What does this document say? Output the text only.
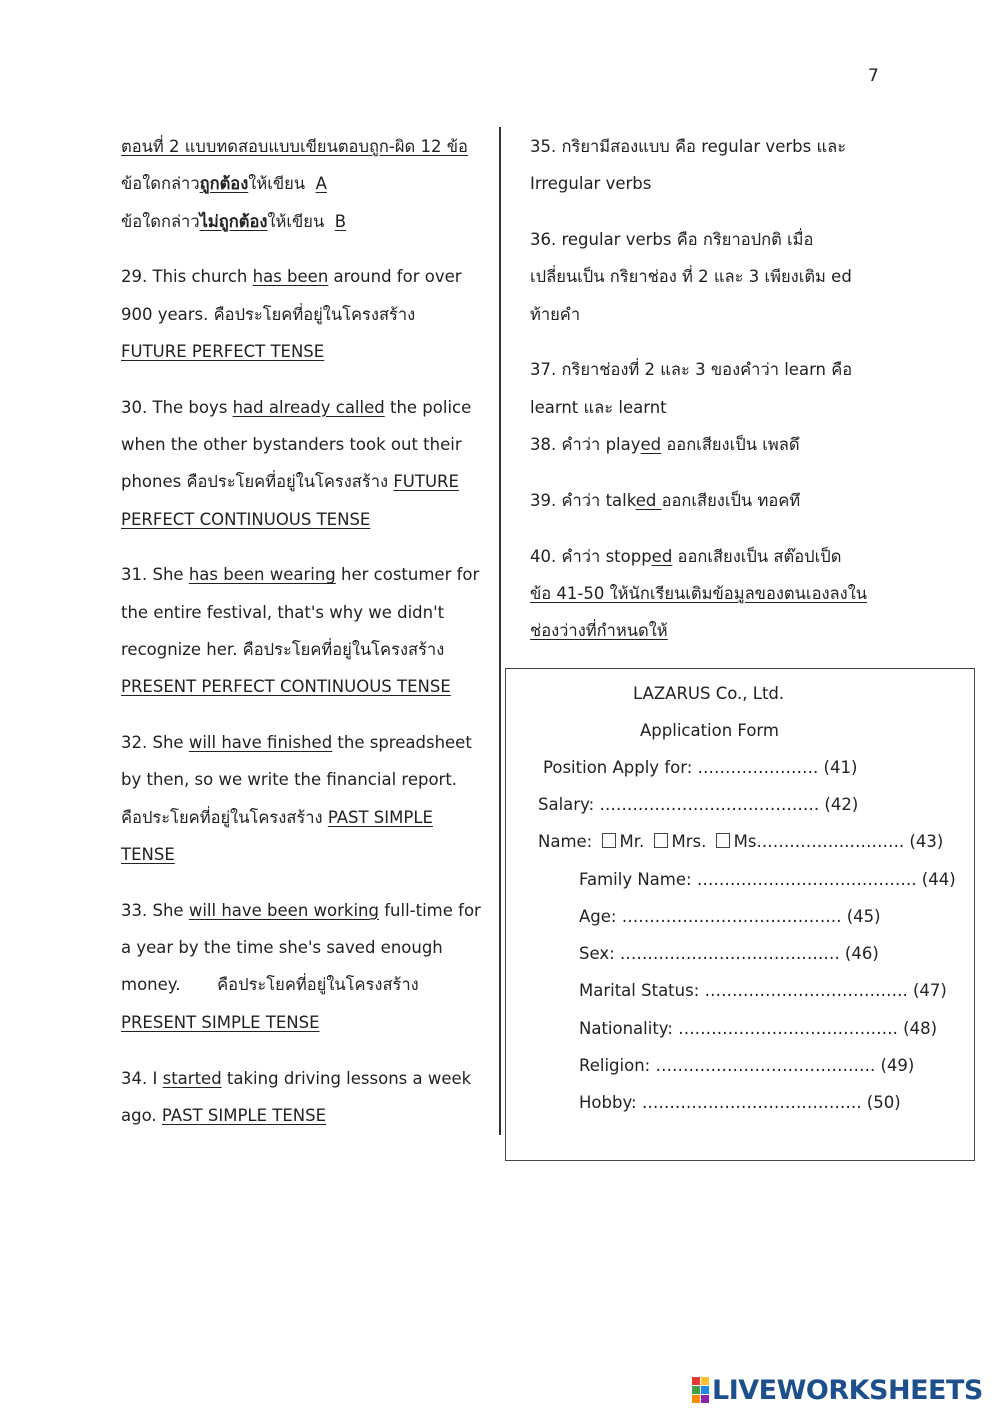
7
ตอนที่ 2 แบบทดสอบแบบเขียนตอบถูก-ผิด 12 ข้อ
ข้อใดกล่าวถูกต้องให้เขียน A
ข้อใดกล่าวไม่ถูกต้องให้เขียน B
29. This church has been around for over
900 years. คือประโยคที่อยู่ในโครงสร้าง
FUTURE PERFECT TENSE
30. The boys had already called the police
when the other bystanders took out their
phones คือประโยคที่อยู่ในโครงสร้าง FUTURE
PERFECT CONTINUOUS TENSE
31. She has been wearing her costumer for
the entire festival, that's why we didn't
recognize her. คือประโยคที่อยู่ในโครงสร้าง
PRESENT PERFECT CONTINUOUS TENSE
32. She will have finished the spreadsheet
by then, so we write the financial report.
คือประโยคที่อยู่ในโครงสร้าง PAST SIMPLE
TENSE
33. She will have been working full-time for
a year by the time she's saved enough
money.       คือประโยคที่อยู่ในโครงสร้าง
PRESENT SIMPLE TENSE
34. I started taking driving lessons a week
ago. PAST SIMPLE TENSE
35. กริยามีสองแบบ คือ regular verbs และ
Irregular verbs
36. regular verbs คือ กริยาอปกติ เมื่อ
เปลี่ยนเป็น กริยาช่อง ที่ 2 และ 3 เพียงเติม ed
ท้ายคำ
37. กริยาช่องที่ 2 และ 3 ของคำว่า learn คือ
learnt และ learnt
38. คำว่า played ออกเสียงเป็น เพลดึ
39. คำว่า talked ออกเสียงเป็น ทอคทึ
40. คำว่า stopped ออกเสียงเป็น สต๊อปเป็ด
ข้อ 41-50 ให้นักเรียนเติมข้อมูลของตนเองลงใน
ช่องว่างที่กำหนดให้
LAZARUS Co., Ltd.
Application Form
Position Apply for: …………………. (41)
Salary: …………………………………. (42)
Name: Mr. Mrs. Ms.…………….………. (43)
Family Name: …………………………………. (44)
Age: …………………………………. (45)
Sex: …………………………………. (46)
Marital Status: ………………………………. (47)
Nationality: …………………………………. (48)
Religion: …………………………………. (49)
Hobby: …………………………………. (50)
LIVEWORKSHEETS
